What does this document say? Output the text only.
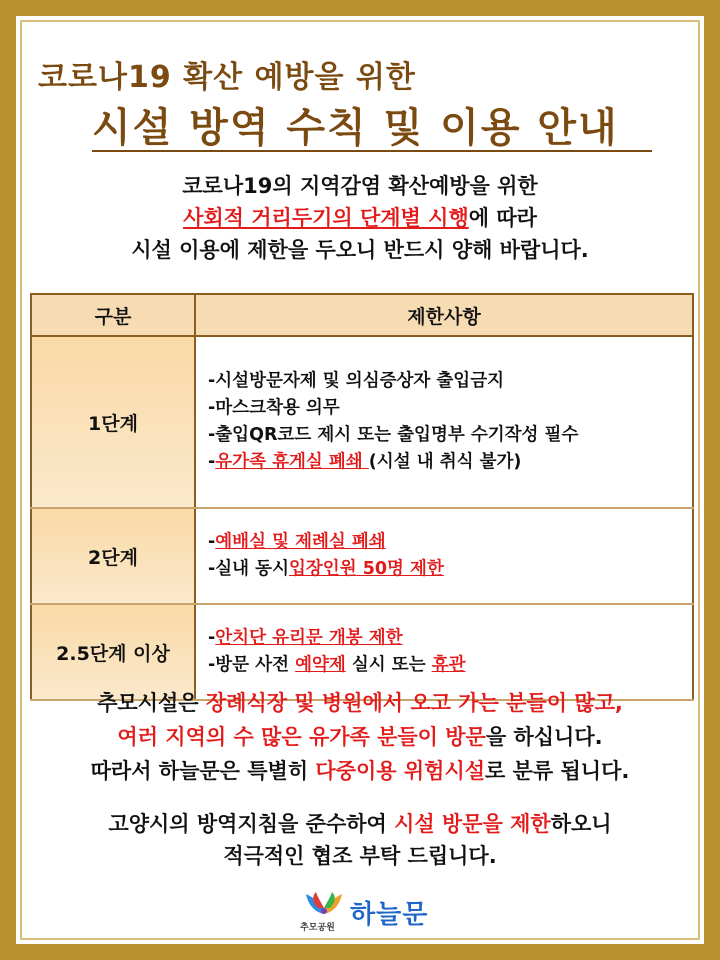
코로나19 확산 예방을 위한
시설 방역 수칙 및 이용 안내
코로나19의 지역감염 확산예방을 위한
사회적 거리두기의 단계별 시행에 따라
시설 이용에 제한을 두오니 반드시 양해 바랍니다.
구분	제한사항
1단계	-시설방문자제 및 의심증상자 출입금지
-마스크착용 의무
-출입QR코드 제시 또는 출입명부 수기작성 필수
-유가족 휴게실 폐쇄 (시설 내 취식 불가)

2단계	-예배실 및 제례실 폐쇄
-실내 동시입장인원 50명 제한

2.5단계 이상	-안치단 유리문 개봉 제한
-방문 사전 예약제 실시 또는 휴관
추모시설은 장례식장 및 병원에서 오고 가는 분들이 많고,
여러 지역의 수 많은 유가족 분들이 방문을 하십니다.
따라서 하늘문은 특별히 다중이용 위험시설로 분류 됩니다.
고양시의 방역지침을 준수하여 시설 방문을 제한하오니
적극적인 협조 부탁 드립니다.
추모공원 하늘문
